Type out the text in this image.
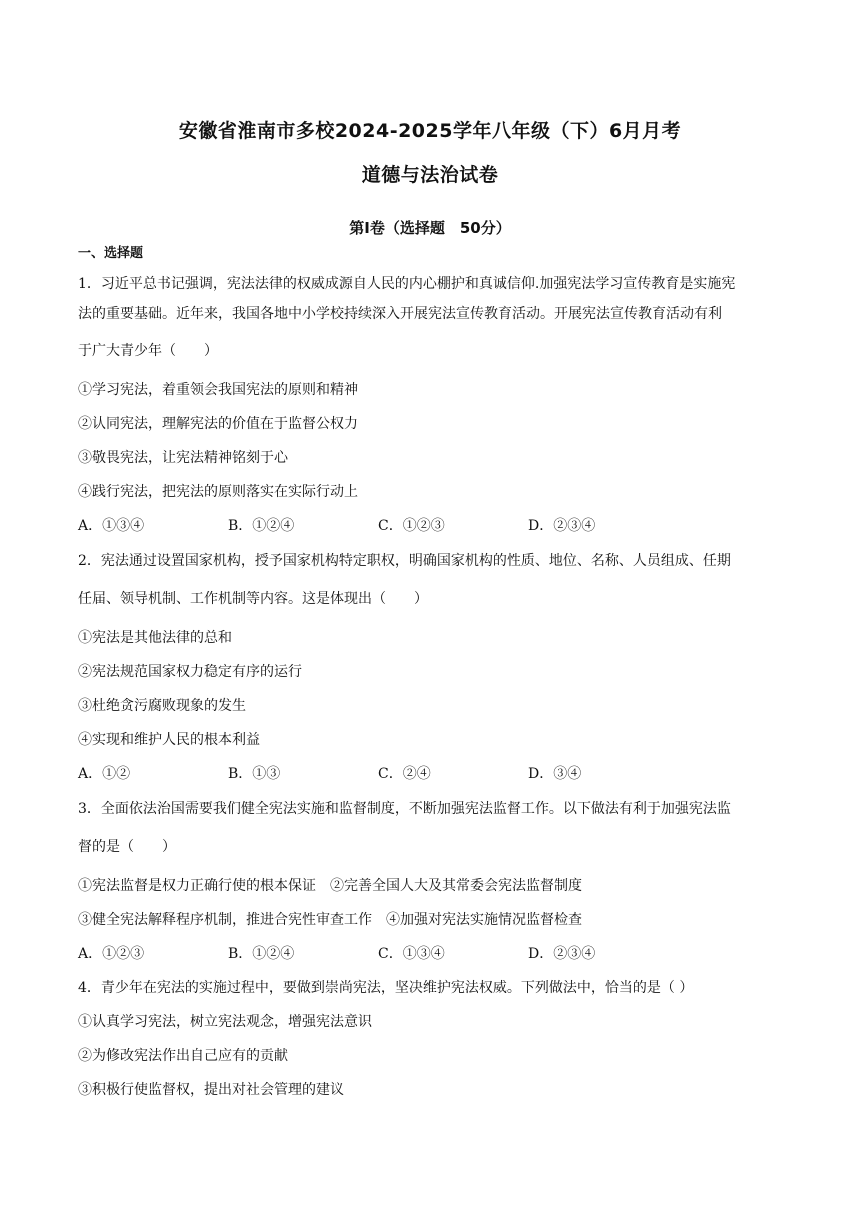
安徽省淮南市多校2024-2025学年八年级（下）6月月考
道德与法治试卷
第Ⅰ卷（选择题　50分）
一、选择题
1．习近平总书记强调，宪法法律的权威成源自人民的内心棚护和真诚信仰.加强宪法学习宣传教育是实施宪
法的重要基础。近年来，我国各地中小学校持续深入开展宪法宣传教育活动。开展宪法宣传教育活动有利
于广大青少年（　　）
①学习宪法，着重领会我国宪法的原则和精神
②认同宪法，理解宪法的价值在于监督公权力
③敬畏宪法，让宪法精神铭刻于心
④践行宪法，把宪法的原则落实在实际行动上
A．①③④	B．①②④	C．①②③	D．②③④
2．宪法通过设置国家机构，授予国家机构特定职权，明确国家机构的性质、地位、名称、人员组成、任期
任届、领导机制、工作机制等内容。这是体现出（　　）
①宪法是其他法律的总和
②宪法规范国家权力稳定有序的运行
③杜绝贪污腐败现象的发生
④实现和维护人民的根本利益
A．①②	B．①③	C．②④	D．③④
3．全面依法治国需要我们健全宪法实施和监督制度，不断加强宪法监督工作。以下做法有利于加强宪法监
督的是（　　）
①宪法监督是权力正确行使的根本保证　②完善全国人大及其常委会宪法监督制度
③健全宪法解释程序机制，推进合宪性审查工作　④加强对宪法实施情况监督检查
A．①②③	B．①②④	C．①③④	D．②③④
4．青少年在宪法的实施过程中，要做到崇尚宪法，坚决维护宪法权威。下列做法中，恰当的是（ ）
①认真学习宪法，树立宪法观念，增强宪法意识
②为修改宪法作出自己应有的贡献
③积极行使监督权，提出对社会管理的建议
